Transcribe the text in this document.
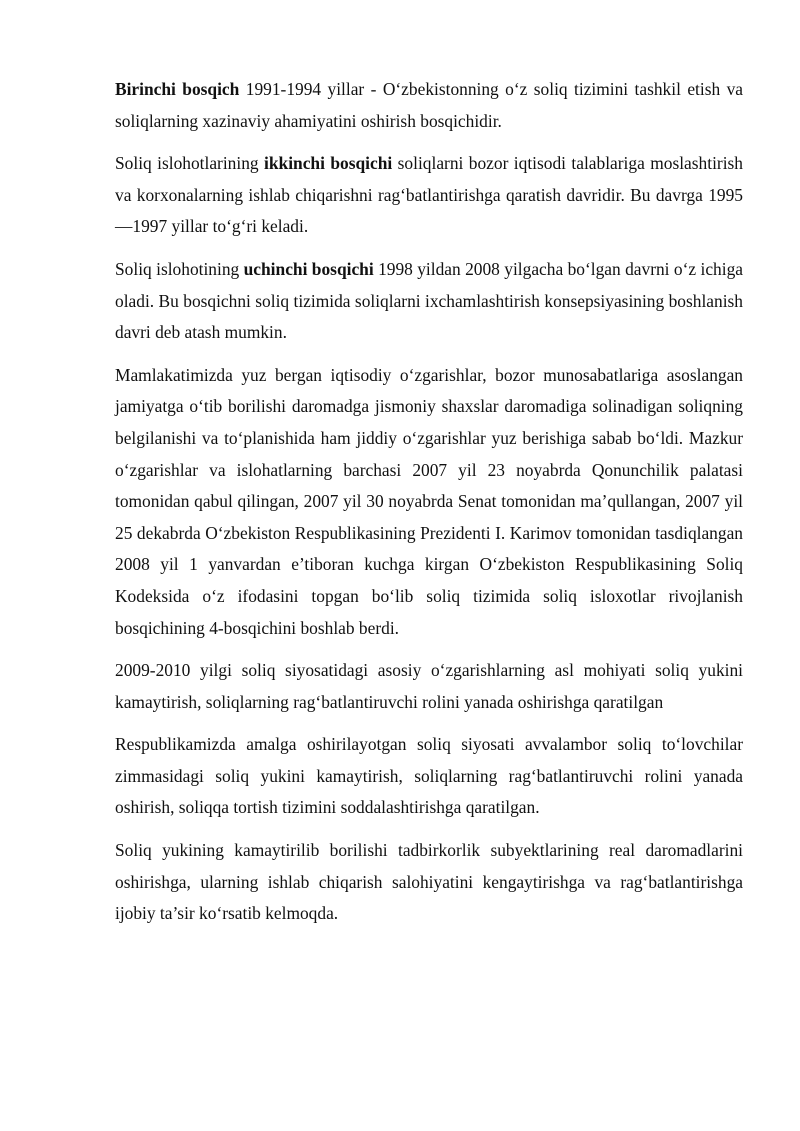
Birinchi bosqich 1991-1994 yillar - O‘zbekistonning o‘z soliq tizimini tashkil etish va soliqlarning xazinaviy ahamiyatini oshirish bosqichidir.

Soliq islohotlarining ikkinchi bosqichi soliqlarni bozor iqtisodi talablariga moslashtirish va korxonalarning ishlab chiqarishni rag‘batlantirishga qaratish davridir. Bu davrga 1995 —1997 yillar to‘g‘ri keladi.

Soliq islohotining uchinchi bosqichi 1998 yildan 2008 yilgacha bo‘lgan davrni o‘z ichiga oladi. Bu bosqichni soliq tizimida soliqlarni ixchamlashtirish konsepsiyasining boshlanish davri deb atash mumkin.

Mamlakatimizda yuz bergan iqtisodiy o‘zgarishlar, bozor munosabatlariga asoslangan jamiyatga o‘tib borilishi daromadga jismoniy shaxslar daromadiga solinadigan soliqning belgilanishi va to‘planishida ham jiddiy o‘zgarishlar yuz berishiga sabab bo‘ldi. Mazkur o‘zgarishlar va islohatlarning barchasi 2007 yil 23 noyabrda Qonunchilik palatasi tomonidan qabul qilingan, 2007 yil 30 noyabrda Senat tomonidan ma’qullangan, 2007 yil 25 dekabrda O‘zbekiston Respublikasining Prezidenti I. Karimov tomonidan tasdiqlangan 2008 yil 1 yanvardan e’tiboran kuchga kirgan O‘zbekiston Respublikasining Soliq Kodeksida o‘z ifodasini topgan bo‘lib soliq tizimida soliq isloxotlar rivojlanish bosqichining 4-bosqichini boshlab berdi.

2009-2010 yilgi soliq siyosatidagi asosiy o‘zgarishlarning asl mohiyati soliq yukini kamaytirish, soliqlarning rag‘batlantiruvchi rolini yanada oshirishga qaratilgan

Respublikamizda amalga oshirilayotgan soliq siyosati avvalambor soliq to‘lovchilar zimmasidagi soliq yukini kamaytirish, soliqlarning rag‘batlantiruvchi rolini yanada oshirish, soliqqa tortish tizimini soddalashtirishga qaratilgan.

Soliq yukining kamaytirilib borilishi tadbirkorlik subyektlarining real daromadlarini oshirishga, ularning ishlab chiqarish salohiyatini kengaytirishga va rag‘batlantirishga ijobiy ta’sir ko‘rsatib kelmoqda.
